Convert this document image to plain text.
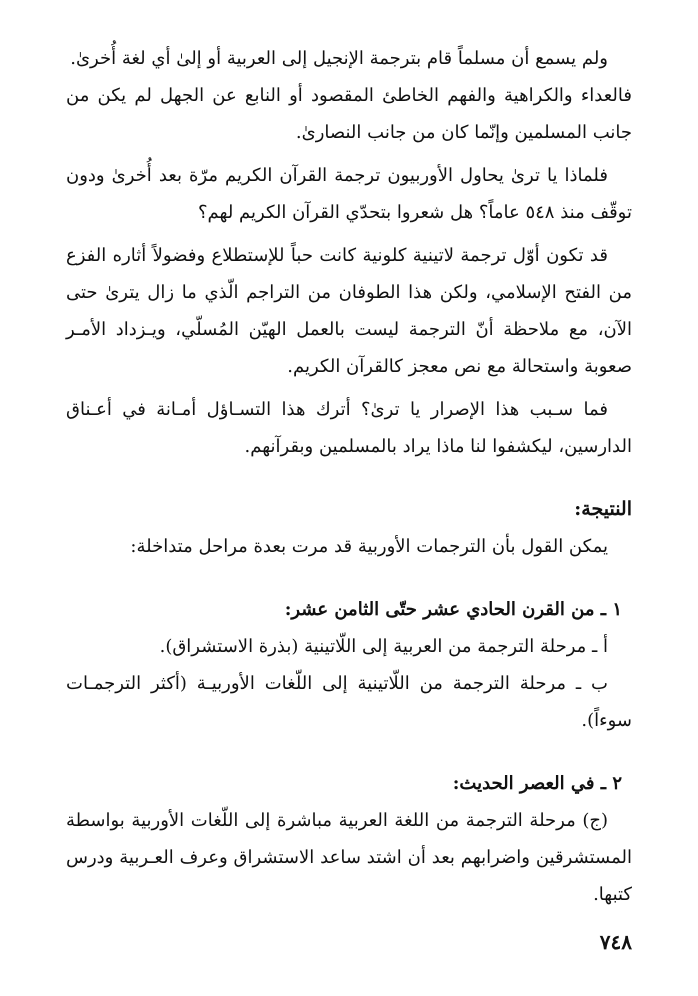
ولم يسمع أن مسلماً قام بترجمة الإنجيل إلى العربية أو إلىٰ أي لغة أُخرىٰ.

فالعداء والكراهية والفهم الخاطئ المقصود أو النابع عن الجهل لم يكن من جانب المسلمين وإنّما كان من جانب النصارىٰ.

فلماذا يا ترىٰ يحاول الأوربيون ترجمة القرآن الكريم مرّة بعد أُخرىٰ ودون توقّف منذ ٥٤٨ عاماً؟ هل شعروا بتحدّي القرآن الكريم لهم؟

قد تكون أوّل ترجمة لاتينية كلونية كانت حباً للإستطلاع وفضولاً أثاره الفزع من الفتح الإسلامي، ولكن هذا الطوفان من التراجم الّذي ما زال يترىٰ حتى الآن، مع ملاحظة أنّ الترجمة ليست بالعمل الهيّن المُسلّي، ويـزداد الأمـر صعوبة واستحالة مع نص معجز كالقرآن الكريم.

فما سـبب هذا الإصرار يا ترىٰ؟ أترك هذا التسـاؤل أمـانة في أعـناق الدارسين، ليكشفوا لنا ماذا يراد بالمسلمين وبقرآنهم.

النتيجة:

يمكن القول بأن الترجمات الأوربية قد مرت بعدة مراحل متداخلة:

١ ـ من القرن الحادي عشر حتّى الثامن عشر:

أ ـ مرحلة الترجمة من العربية إلى اللّاتينية (بذرة الاستشراق).

ب ـ مرحلة الترجمة من اللّاتينية إلى اللّغات الأوربيـة (أكثر الترجمـات سوءاً).

٢ ـ في العصر الحديث:

(ج) مرحلة الترجمة من اللغة العربية مباشرة إلى اللّغات الأوربية بواسطة المستشرقين واضرابهم بعد أن اشتد ساعد الاستشراق وعرف العـربية ودرس كتبها.

٧٤٨
